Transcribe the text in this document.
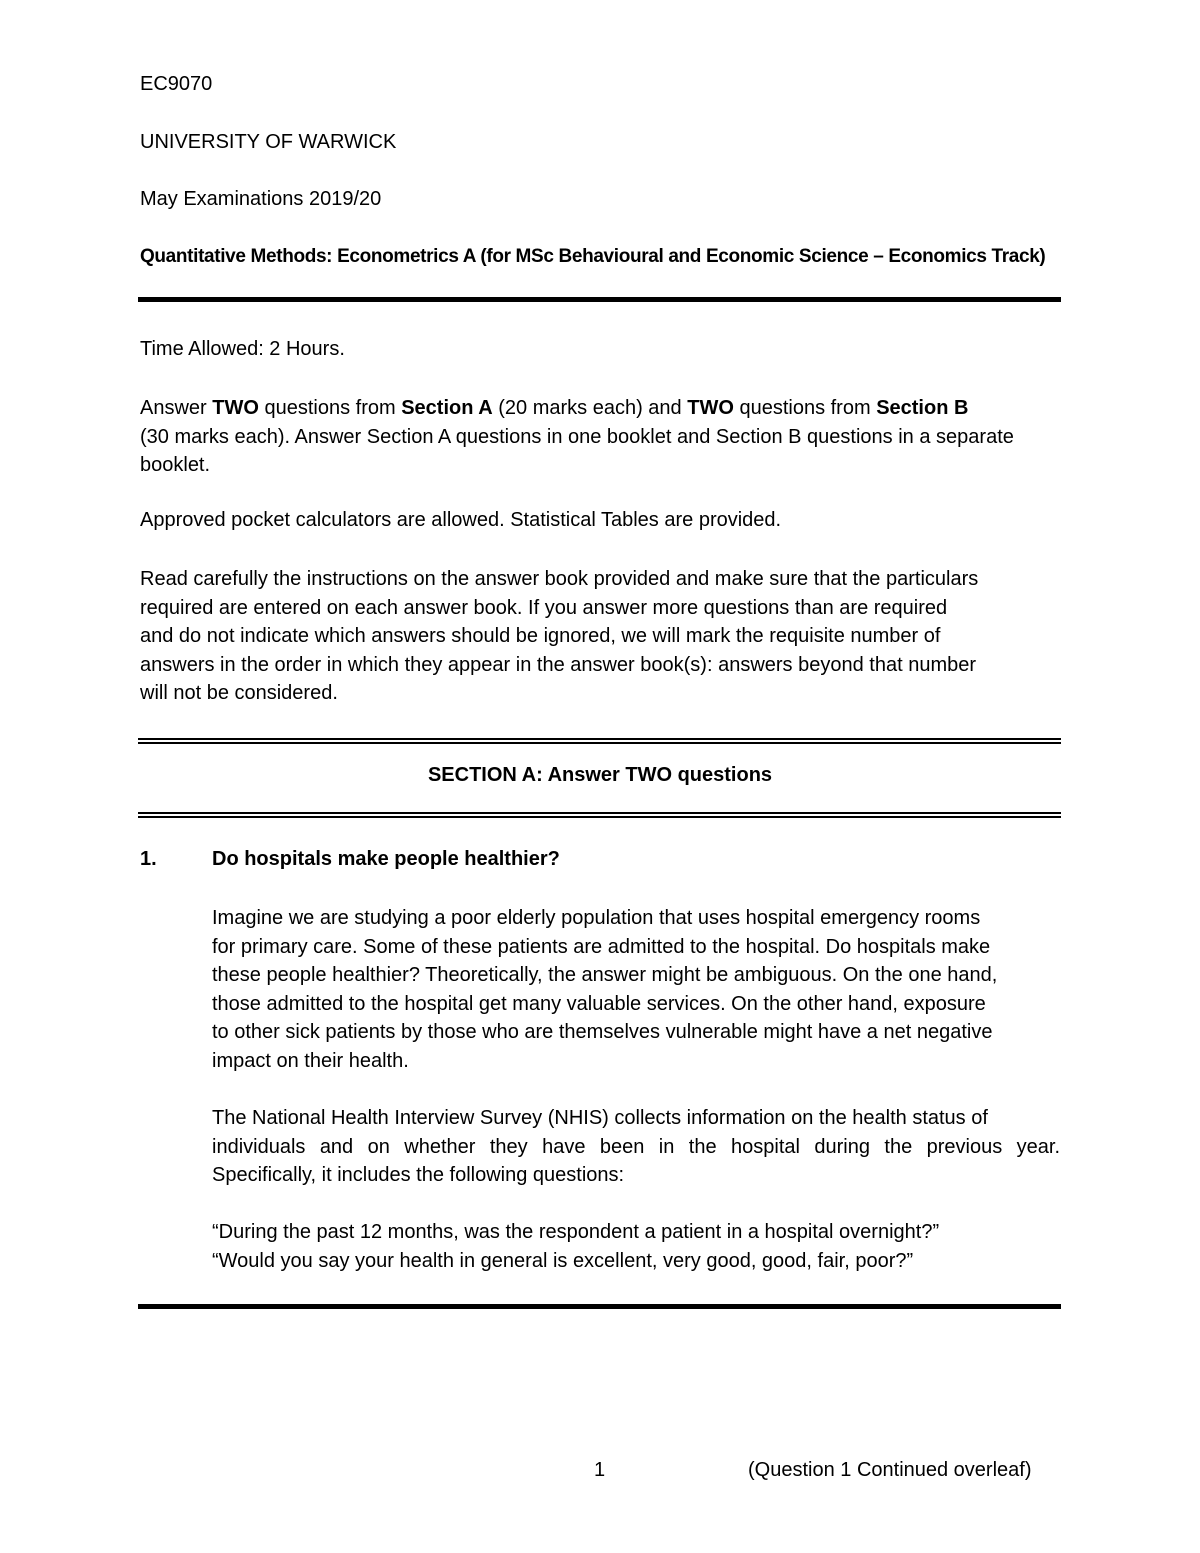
EC9070
UNIVERSITY OF WARWICK
May Examinations 2019/20
Quantitative Methods: Econometrics A (for MSc Behavioural and Economic Science – Economics Track)
Time Allowed: 2 Hours.
Answer TWO questions from Section A (20 marks each) and TWO questions from Section B
(30 marks each). Answer Section A questions in one booklet and Section B questions in a separate
booklet.
Approved pocket calculators are allowed. Statistical Tables are provided.
Read carefully the instructions on the answer book provided and make sure that the particulars
required are entered on each answer book. If you answer more questions than are required
and do not indicate which answers should be ignored, we will mark the requisite number of
answers in the order in which they appear in the answer book(s): answers beyond that number
will not be considered.
SECTION A: Answer TWO questions
1.	Do hospitals make people healthier?
Imagine we are studying a poor elderly population that uses hospital emergency rooms
for primary care. Some of these patients are admitted to the hospital. Do hospitals make
these people healthier? Theoretically, the answer might be ambiguous. On the one hand,
those admitted to the hospital get many valuable services. On the other hand, exposure
to other sick patients by those who are themselves vulnerable might have a net negative
impact on their health.
The National Health Interview Survey (NHIS) collects information on the health status of
individuals and on whether they have been in the hospital during the previous year.
Specifically, it includes the following questions:
“During the past 12 months, was the respondent a patient in a hospital overnight?”
“Would you say your health in general is excellent, very good, good, fair, poor?”
1	(Question 1 Continued overleaf)
